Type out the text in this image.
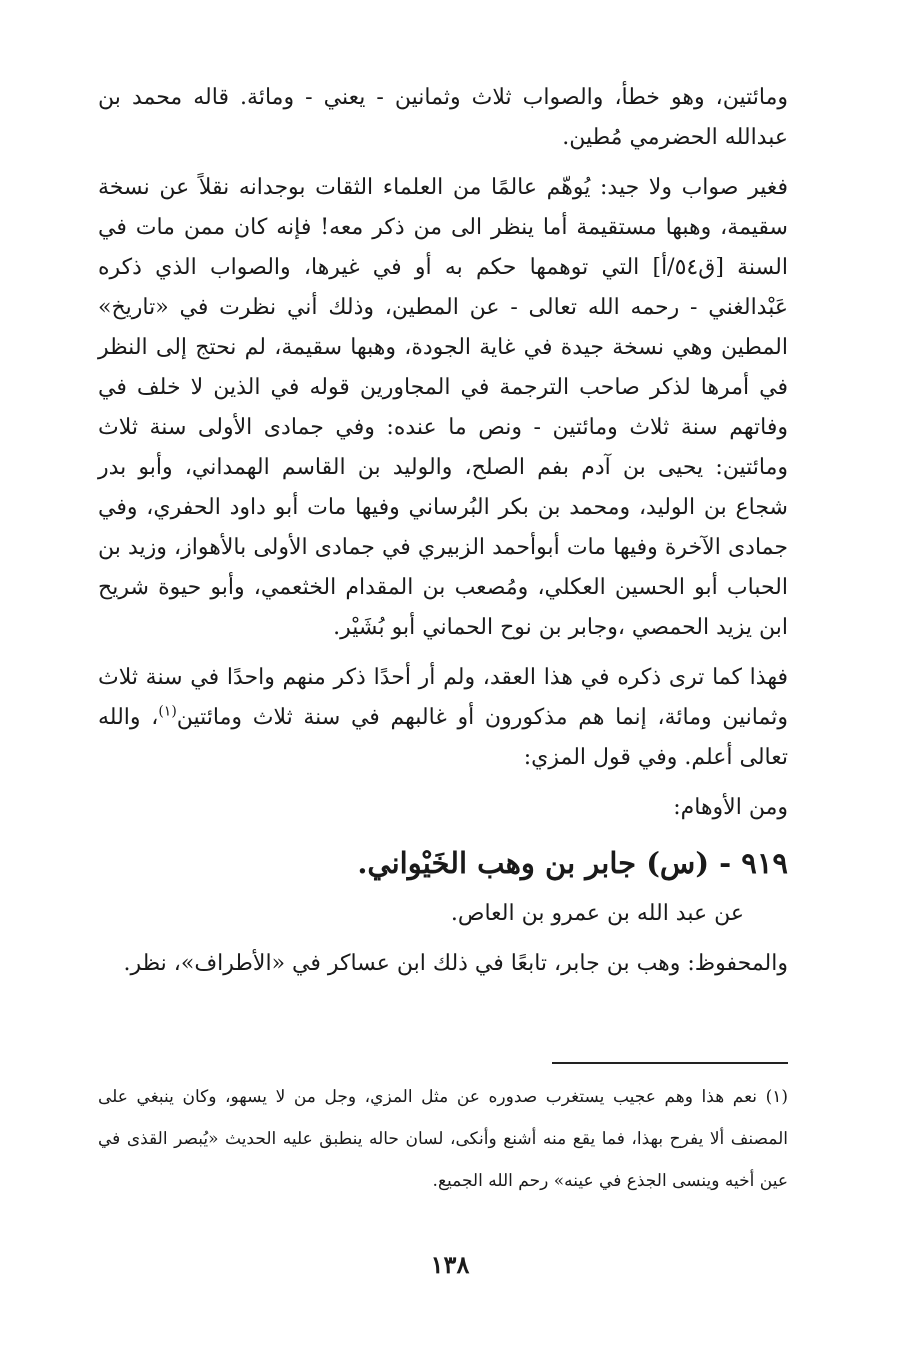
ومائتين، وهو خطأ، والصواب ثلاث وثمانين - يعني - ومائة. قاله محمد بن عبدالله الحضرمي مُطين.

فغير صواب ولا جيد: يُوهّم عالمًا من العلماء الثقات بوجدانه نقلاً عن نسخة سقيمة، وهبها مستقيمة أما ينظر الى من ذكر معه! فإنه كان ممن مات في السنة [ق٥٤/أ] التي توهمها حكم به أو في غيرها، والصواب الذي ذكره عَبْدالغني - رحمه الله تعالى - عن المطين، وذلك أني نظرت في «تاريخ» المطين وهي نسخة جيدة في غاية الجودة، وهبها سقيمة، لم نحتج إلى النظر في أمرها لذكر صاحب الترجمة في المجاورين قوله في الذين لا خلف في وفاتهم سنة ثلاث ومائتين - ونص ما عنده: وفي جمادى الأولى سنة ثلاث ومائتين: يحيى بن آدم بفم الصلح، والوليد بن القاسم الهمداني، وأبو بدر شجاع بن الوليد، ومحمد بن بكر البُرساني وفيها مات أبو داود الحفري، وفي جمادى الآخرة وفيها مات أبوأحمد الزبيري في جمادى الأولى بالأهواز، وزيد بن الحباب أبو الحسين العكلي، ومُصعب بن المقدام الخثعمي، وأبو حيوة شريح ابن يزيد الحمصي ،وجابر بن نوح الحماني أبو بُشَيْر.

فهذا كما ترى ذكره في هذا العقد، ولم أر أحدًا ذكر منهم واحدًا في سنة ثلاث وثمانين ومائة، إنما هم مذكورون أو غالبهم في سنة ثلاث ومائتين$^{(١)}$، والله تعالى أعلم. وفي قول المزي:

ومن الأوهام:

٩١٩ - (س) جابر بن وهب الخَيْواني.

عن عبد الله بن عمرو بن العاص.

والمحفوظ: وهب بن جابر، تابعًا في ذلك ابن عساكر في «الأطراف»، نظر.

(١) نعم هذا وهم عجيب يستغرب صدوره عن مثل المزي، وجل من لا يسهو، وكان ينبغي على المصنف ألا يفرح بهذا، فما يقع منه أشنع وأنكى، لسان حاله ينطبق عليه الحديث «يُبصر القذى في عين أخيه وينسى الجذع في عينه» رحم الله الجميع.

١٣٨
